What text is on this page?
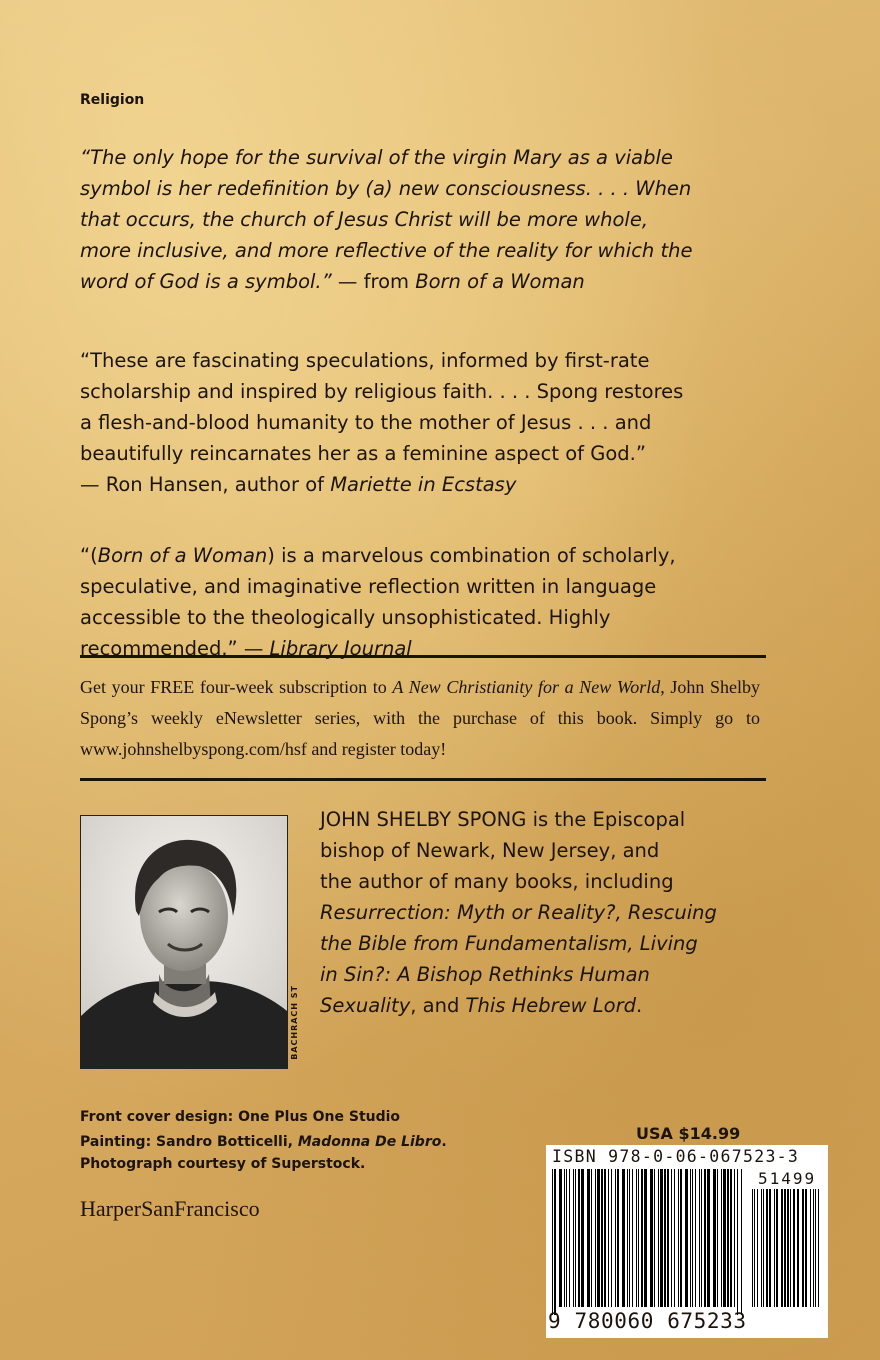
Religion

“The only hope for the survival of the virgin Mary as a viable
symbol is her redefinition by (a) new consciousness. . . . When
that occurs, the church of Jesus Christ will be more whole,
more inclusive, and more reflective of the reality for which the
word of God is a symbol.” — from Born of a Woman

“These are fascinating speculations, informed by first-rate
scholarship and inspired by religious faith. . . . Spong restores
a flesh-and-blood humanity to the mother of Jesus . . . and
beautifully reincarnates her as a feminine aspect of God.”
— Ron Hansen, author of Mariette in Ecstasy

“(Born of a Woman) is a marvelous combination of scholarly,
speculative, and imaginative reflection written in language
accessible to the theologically unsophisticated. Highly
recommended.” — Library Journal

Get your FREE four-week subscription to A New Christianity for a New World, John Shelby Spong’s weekly eNewsletter series, with the purchase of this book. Simply go to www.johnshelbyspong.com/hsf and register today!
BACHRACH ST
JOHN SHELBY SPONG is the Episcopal
bishop of Newark, New Jersey, and
the author of many books, including
Resurrection: Myth or Reality?, Rescuing
the Bible from Fundamentalism, Living
in Sin?: A Bishop Rethinks Human
Sexuality, and This Hebrew Lord.
Front cover design: One Plus One Studio
Painting: Sandro Botticelli, Madonna De Libro.
Photograph courtesy of Superstock.
HarperSanFrancisco
USA $14.99
ISBN 978-0-06-067523-3
51499
9 780060 675233
